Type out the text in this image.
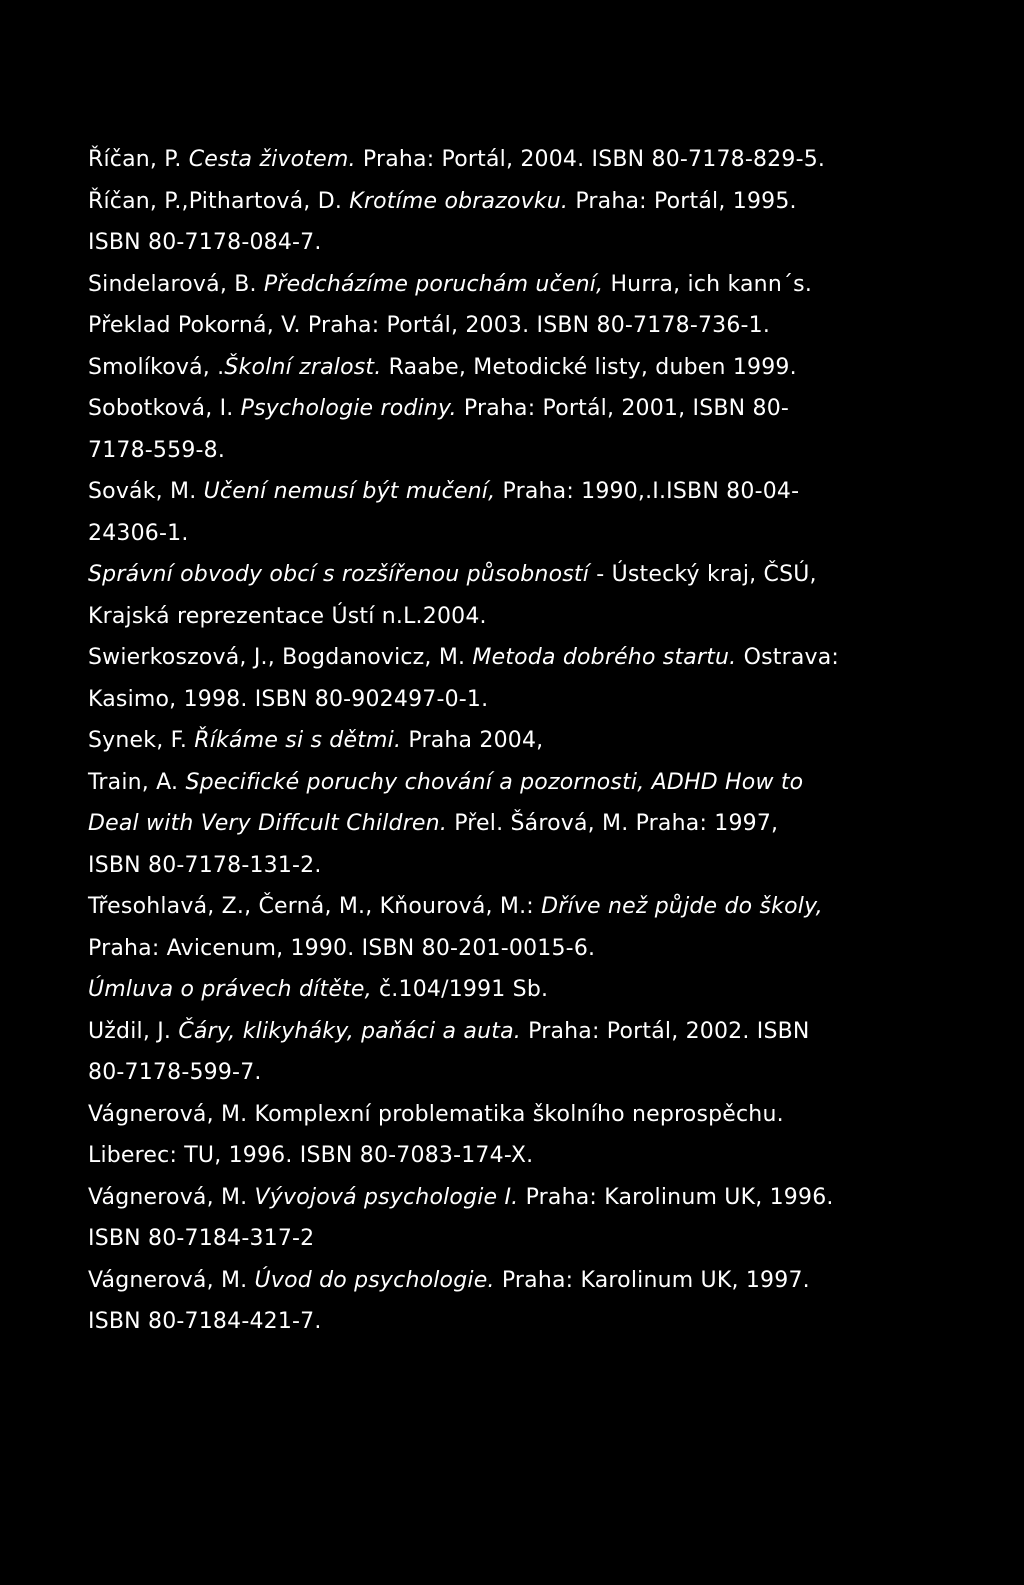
Říčan, P. Cesta životem. Praha: Portál, 2004. ISBN 80-7178-829-5.
Říčan, P.,Pithartová, D. Krotíme obrazovku. Praha: Portál, 1995.
ISBN 80-7178-084-7.
Sindelarová, B. Předcházíme poruchám učení, Hurra, ich kann´s.
Překlad Pokorná, V. Praha: Portál, 2003. ISBN 80-7178-736-1.
Smolíková, .Školní zralost. Raabe, Metodické listy, duben 1999.
Sobotková, I. Psychologie rodiny. Praha: Portál, 2001, ISBN 80-
7178-559-8.
Sovák, M. Učení nemusí být mučení, Praha: 1990,.I.ISBN 80-04-
24306-1.
Správní obvody obcí s rozšířenou působností - Ústecký kraj, ČSÚ,
Krajská reprezentace Ústí n.L.2004.
Swierkoszová, J., Bogdanovicz, M. Metoda dobrého startu. Ostrava:
Kasimo, 1998. ISBN 80-902497-0-1.
Synek, F. Říkáme si s dětmi. Praha 2004,
Train, A. Specifické poruchy chování a pozornosti, ADHD How to
Deal with Very Diffcult Children. Přel. Šárová, M. Praha: 1997,
ISBN 80-7178-131-2.
Třesohlavá, Z., Černá, M., Kňourová, M.: Dříve než půjde do školy,
Praha: Avicenum, 1990. ISBN 80-201-0015-6.
Úmluva o právech dítěte, č.104/1991 Sb.
Uždil, J. Čáry, klikyháky, paňáci a auta. Praha: Portál, 2002. ISBN
80-7178-599-7.
Vágnerová, M. Komplexní problematika školního neprospěchu.
Liberec: TU, 1996. ISBN 80-7083-174-X.
Vágnerová, M. Vývojová psychologie I. Praha: Karolinum UK, 1996.
ISBN 80-7184-317-2
Vágnerová, M. Úvod do psychologie. Praha: Karolinum UK, 1997.
ISBN 80-7184-421-7.
